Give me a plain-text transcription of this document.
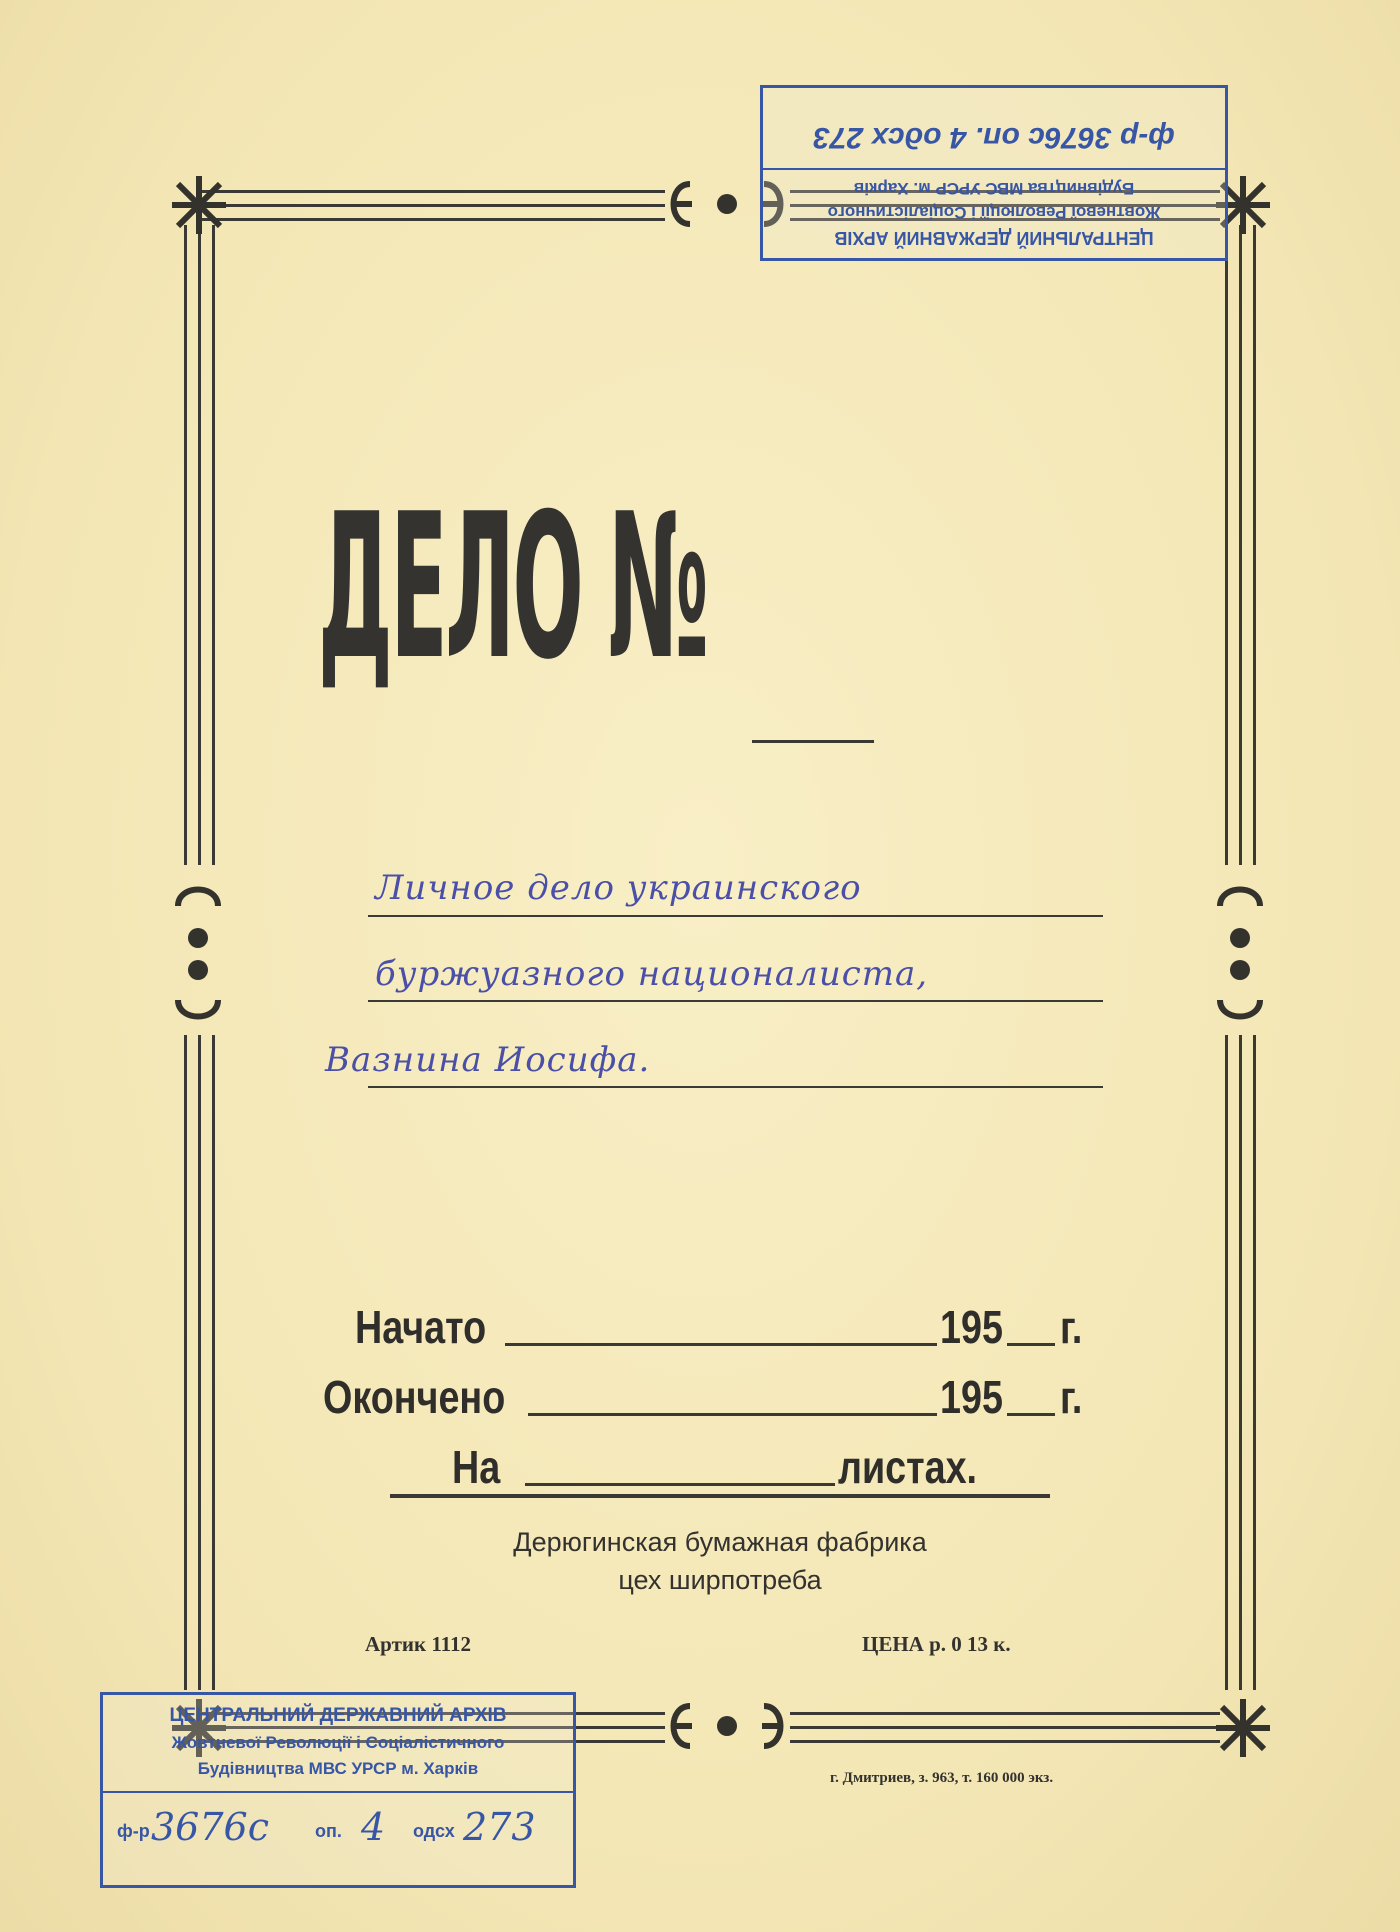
ДЕЛО №
Личное дело украинского
буржуазного националиста,
Вазнина Иосифа.
Начато	195 г.
Окончено	195 г.
На	листах.
Дерюгинская бумажная фабрика
цех ширпотреба
Артик 1112	ЦЕНА р. 0 13 к.
г. Дмитриев, з. 963, т. 160 000 экз.
ЦЕНТРАЛЬНИЙ ДЕРЖАВНИЙ АРХІВ
Жовтневої Революції і Соціалістичного
Будівництва МВС УРСР м. Харків
ф-р 3676с оп. 4 одсх 273
ЦЕНТРАЛЬНИЙ ДЕРЖАВНИЙ АРХІВ
Жовтневої Революції і Соціалістичного
Будівництва МВС УРСР м. Харків
ф-р 3676с	оп. 4 одсх 273
